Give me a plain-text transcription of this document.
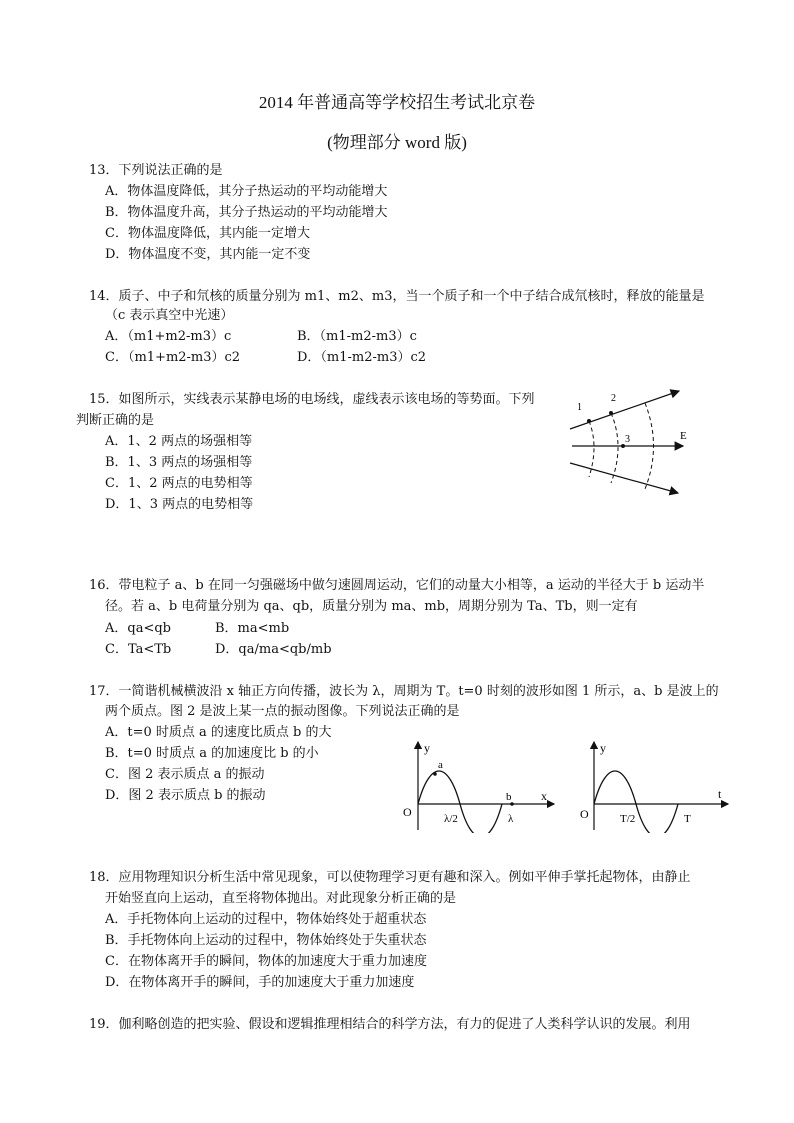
2014 年普通高等学校招生考试北京卷
(物理部分 word 版)
13．下列说法正确的是
A．物体温度降低，其分子热运动的平均动能增大
B．物体温度升高，其分子热运动的平均动能增大
C．物体温度降低，其内能一定增大
D．物体温度不变，其内能一定不变
14．质子、中子和氘核的质量分别为 m1、m2、m3，当一个质子和一个中子结合成氘核时，释放的能量是
（c 表示真空中光速）
A．（m1+m2-m3）c	B．（m1-m2-m3）c
C．（m1+m2-m3）c2	D．（m1-m2-m3）c2
15．如图所示，实线表示某静电场的电场线，虚线表示该电场的等势面。下列
判断正确的是
A．1、2 两点的场强相等
B．1、3 两点的场强相等
C．1、2 两点的电势相等
D．1、3 两点的电势相等
1
2
3	E
16．带电粒子 a、b 在同一匀强磁场中做匀速圆周运动，它们的动量大小相等，a 运动的半径大于 b 运动半
径。若 a、b 电荷量分别为 qa、qb，质量分别为 ma、mb，周期分别为 Ta、Tb，则一定有
A．qa<qb	B．ma<mb
C．Ta<Tb	D．qa/ma<qb/mb
17．一简谐机械横波沿 x 轴正方向传播，波长为 λ，周期为 T。t=0 时刻的波形如图 1 所示，a、b 是波上的
两个质点。图 2 是波上某一点的振动图像。下列说法正确的是
A．t=0 时质点 a 的速度比质点 b 的大
B．t=0 时质点 a 的加速度比 b 的小
C．图 2 表示质点 a 的振动
D．图 2 表示质点 b 的振动
y
a
b x
O	λ/2	λ
y
t
O	T/2	T
18．应用物理知识分析生活中常见现象，可以使物理学习更有趣和深入。例如平伸手掌托起物体，由静止
开始竖直向上运动，直至将物体抛出。对此现象分析正确的是
A．手托物体向上运动的过程中，物体始终处于超重状态
B．手托物体向上运动的过程中，物体始终处于失重状态
C．在物体离开手的瞬间，物体的加速度大于重力加速度
D．在物体离开手的瞬间，手的加速度大于重力加速度
19．伽利略创造的把实验、假设和逻辑推理相结合的科学方法，有力的促进了人类科学认识的发展。利用
